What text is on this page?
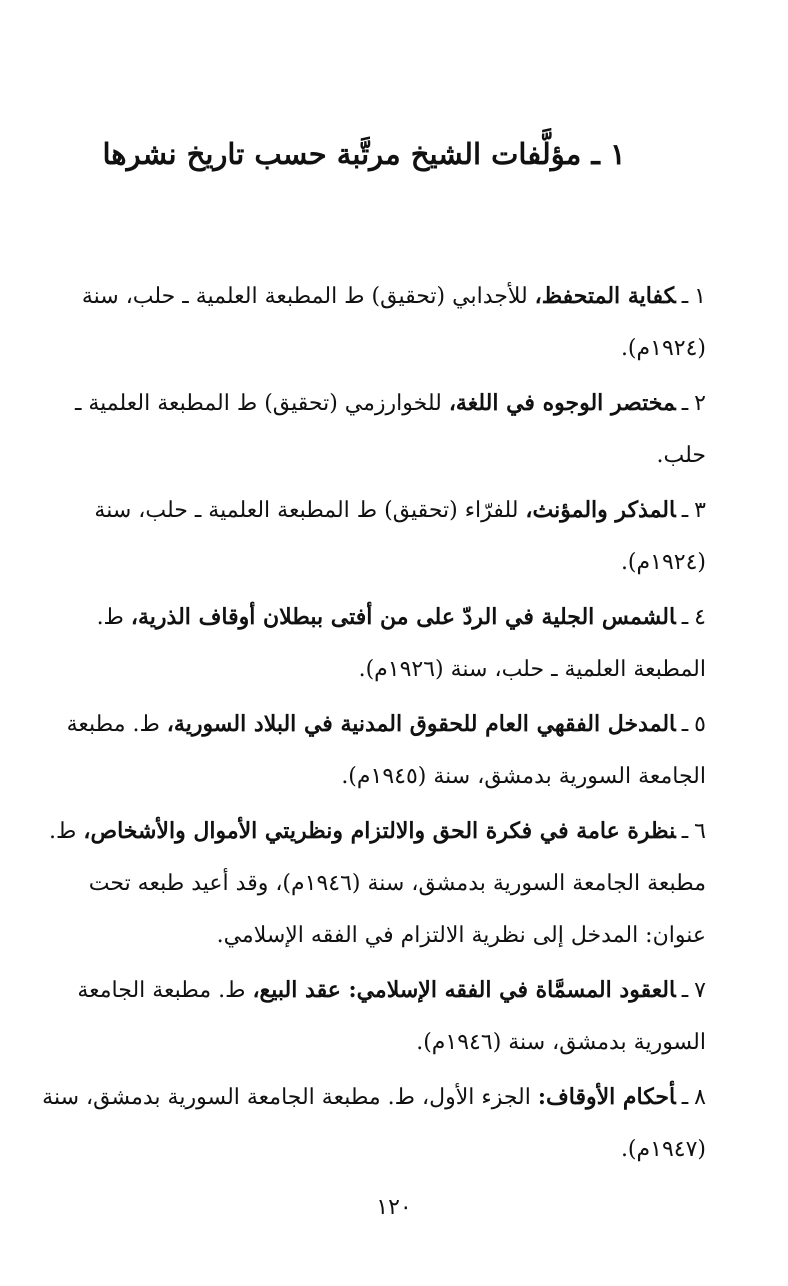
١ ـ مؤلَّفات الشيخ مرتَّبة حسب تاريخ نشرها

١ـكفاية المتحفظ، للأجدابي (تحقيق) ط المطبعة العلمية ـ حلب، سنة (١٩٢٤م).

٢ـمختصر الوجوه في اللغة، للخوارزمي (تحقيق) ط المطبعة العلمية ـ حلب.

٣ـالمذكر والمؤنث، للفرّاء (تحقيق) ط المطبعة العلمية ـ حلب، سنة (١٩٢٤م).

٤ـالشمس الجلية في الردّ على من أفتى ببطلان أوقاف الذرية، ط. المطبعة العلمية ـ حلب، سنة (١٩٢٦م).

٥ـالمدخل الفقهي العام للحقوق المدنية في البلاد السورية، ط. مطبعة الجامعة السورية بدمشق، سنة (١٩٤٥م).

٦ـنظرة عامة في فكرة الحق والالتزام ونظريتي الأموال والأشخاص، ط. مطبعة الجامعة السورية بدمشق، سنة (١٩٤٦م)، وقد أعيد طبعه تحت عنوان: المدخل إلى نظرية الالتزام في الفقه الإسلامي.

٧ـالعقود المسمَّاة في الفقه الإسلامي: عقد البيع، ط. مطبعة الجامعة السورية بدمشق، سنة (١٩٤٦م).

٨ـأحكام الأوقاف: الجزء الأول، ط. مطبعة الجامعة السورية بدمشق، سنة (١٩٤٧م).

١٢٠
